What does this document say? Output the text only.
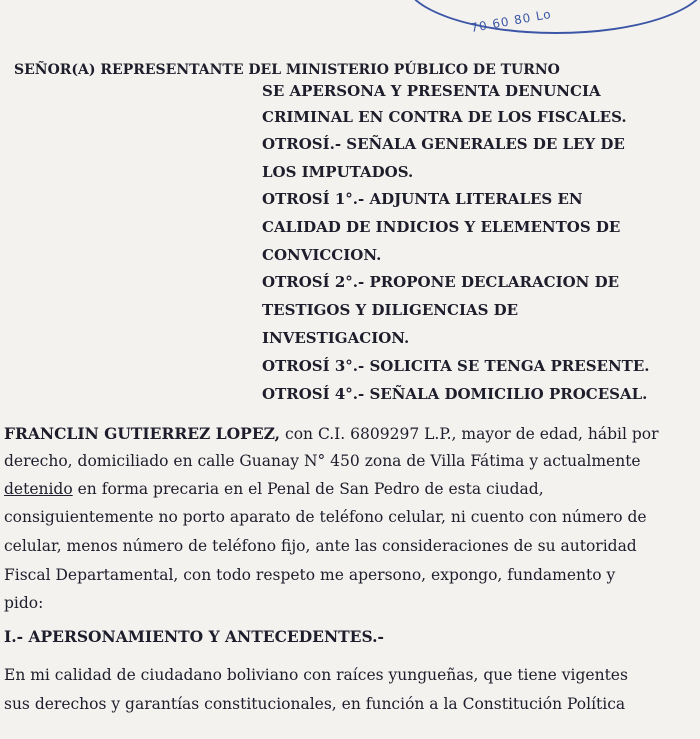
70 60 80 Lo
SEÑOR(A) REPRESENTANTE DEL MINISTERIO PÚBLICO DE TURNO
SE APERSONA Y PRESENTA DENUNCIA
CRIMINAL EN CONTRA DE LOS FISCALES.
OTROSÍ.- SEÑALA GENERALES DE LEY DE
LOS IMPUTADOS.
OTROSÍ 1°.- ADJUNTA LITERALES EN
CALIDAD DE INDICIOS Y ELEMENTOS DE
CONVICCION.
OTROSÍ 2°.- PROPONE DECLARACION DE
TESTIGOS Y DILIGENCIAS DE
INVESTIGACION.
OTROSÍ 3°.- SOLICITA SE TENGA PRESENTE.
OTROSÍ 4°.- SEÑALA DOMICILIO PROCESAL.
FRANCLIN GUTIERREZ LOPEZ, con C.I. 6809297 L.P., mayor de edad, hábil por
derecho, domiciliado en calle Guanay N° 450 zona de Villa Fátima y actualmente
detenido en forma precaria en el Penal de San Pedro de esta ciudad,
consiguientemente no porto aparato de teléfono celular, ni cuento con número de
celular, menos número de teléfono fijo, ante las consideraciones de su autoridad
Fiscal Departamental, con todo respeto me apersono, expongo, fundamento y
pido:
I.- APERSONAMIENTO Y ANTECEDENTES.-
En mi calidad de ciudadano boliviano con raíces yungueñas, que tiene vigentes
sus derechos y garantías constitucionales, en función a la Constitución Política
